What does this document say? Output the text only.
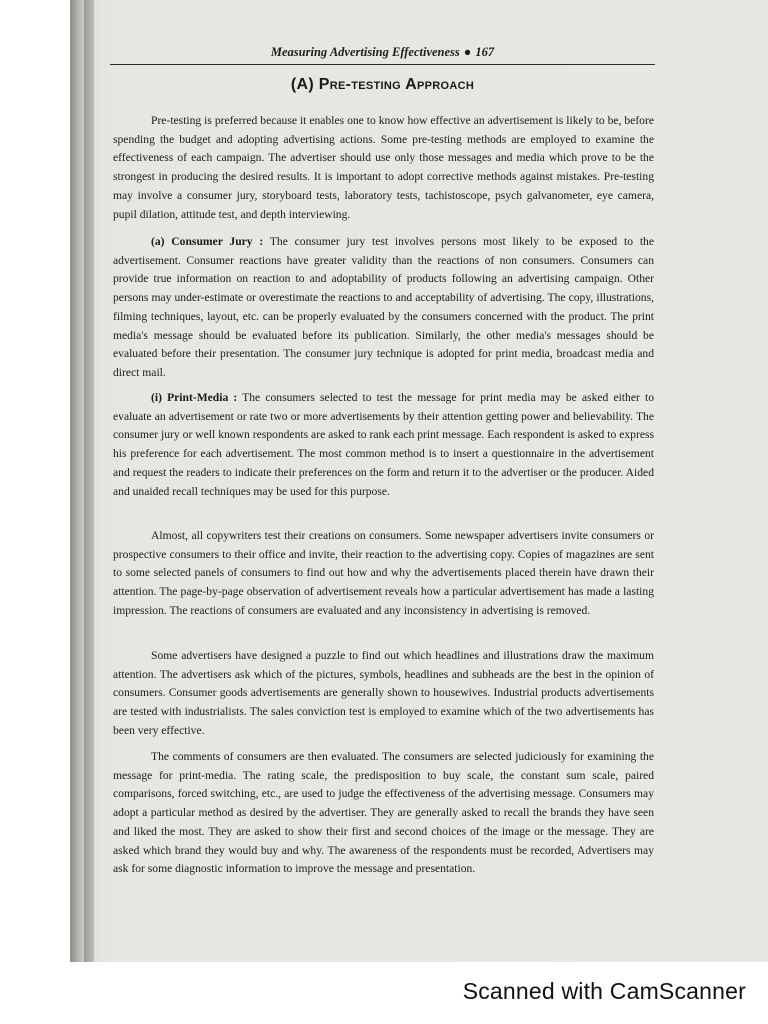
Measuring Advertising Effectiveness ● 167
(A) Pre-testing Approach

Pre-testing is preferred because it enables one to know how effective an advertisement is likely to be, before spending the budget and adopting advertising actions. Some pre-testing methods are employed to examine the effectiveness of each campaign. The advertiser should use only those messages and media which prove to be the strongest in producing the desired results. It is important to adopt corrective methods against mistakes. Pre-testing may involve a consumer jury, storyboard tests, laboratory tests, tachistoscope, psych galvanometer, eye camera, pupil dilation, attitude test, and depth interviewing.

(a) Consumer Jury : The consumer jury test involves persons most likely to be exposed to the advertisement. Consumer reactions have greater validity than the reactions of non consumers. Consumers can provide true information on reaction to and adoptability of products following an advertising campaign. Other persons may under-estimate or overestimate the reactions to and acceptability of advertising. The copy, illustrations, filming techniques, layout, etc. can be properly evaluated by the consumers concerned with the product. The print media's message should be evaluated before its publication. Similarly, the other media's messages should be evaluated before their presentation. The consumer jury technique is adopted for print media, broadcast media and direct mail.

(i) Print-Media : The consumers selected to test the message for print media may be asked either to evaluate an advertisement or rate two or more advertisements by their attention getting power and believability. The consumer jury or well known respondents are asked to rank each print message. Each respondent is asked to express his preference for each advertisement. The most common method is to insert a questionnaire in the advertisement and request the readers to indicate their preferences on the form and return it to the advertiser or the producer. Aided and unaided recall techniques may be used for this purpose.

Almost, all copywriters test their creations on consumers. Some newspaper advertisers invite consumers or prospective consumers to their office and invite, their reaction to the advertising copy. Copies of magazines are sent to some selected panels of consumers to find out how and why the advertisements placed therein have drawn their attention. The page-by-page observation of advertisement reveals how a particular advertisement has made a lasting impression. The reactions of consumers are evaluated and any inconsistency in advertising is removed.

Some advertisers have designed a puzzle to find out which headlines and illustrations draw the maximum attention. The advertisers ask which of the pictures, symbols, headlines and subheads are the best in the opinion of consumers. Consumer goods advertisements are generally shown to housewives. Industrial products advertisements are tested with industrialists. The sales conviction test is employed to examine which of the two advertisements has been very effective.

The comments of consumers are then evaluated. The consumers are selected judiciously for examining the message for print-media. The rating scale, the predisposition to buy scale, the constant sum scale, paired comparisons, forced switching, etc., are used to judge the effectiveness of the advertising message. Consumers may adopt a particular method as desired by the advertiser. They are generally asked to recall the brands they have seen and liked the most. They are asked to show their first and second choices of the image or the message. They are asked which brand they would buy and why. The awareness of the respondents must be recorded, Advertisers may ask for some diagnostic information to improve the message and presentation.

Scanned with CamScanner
